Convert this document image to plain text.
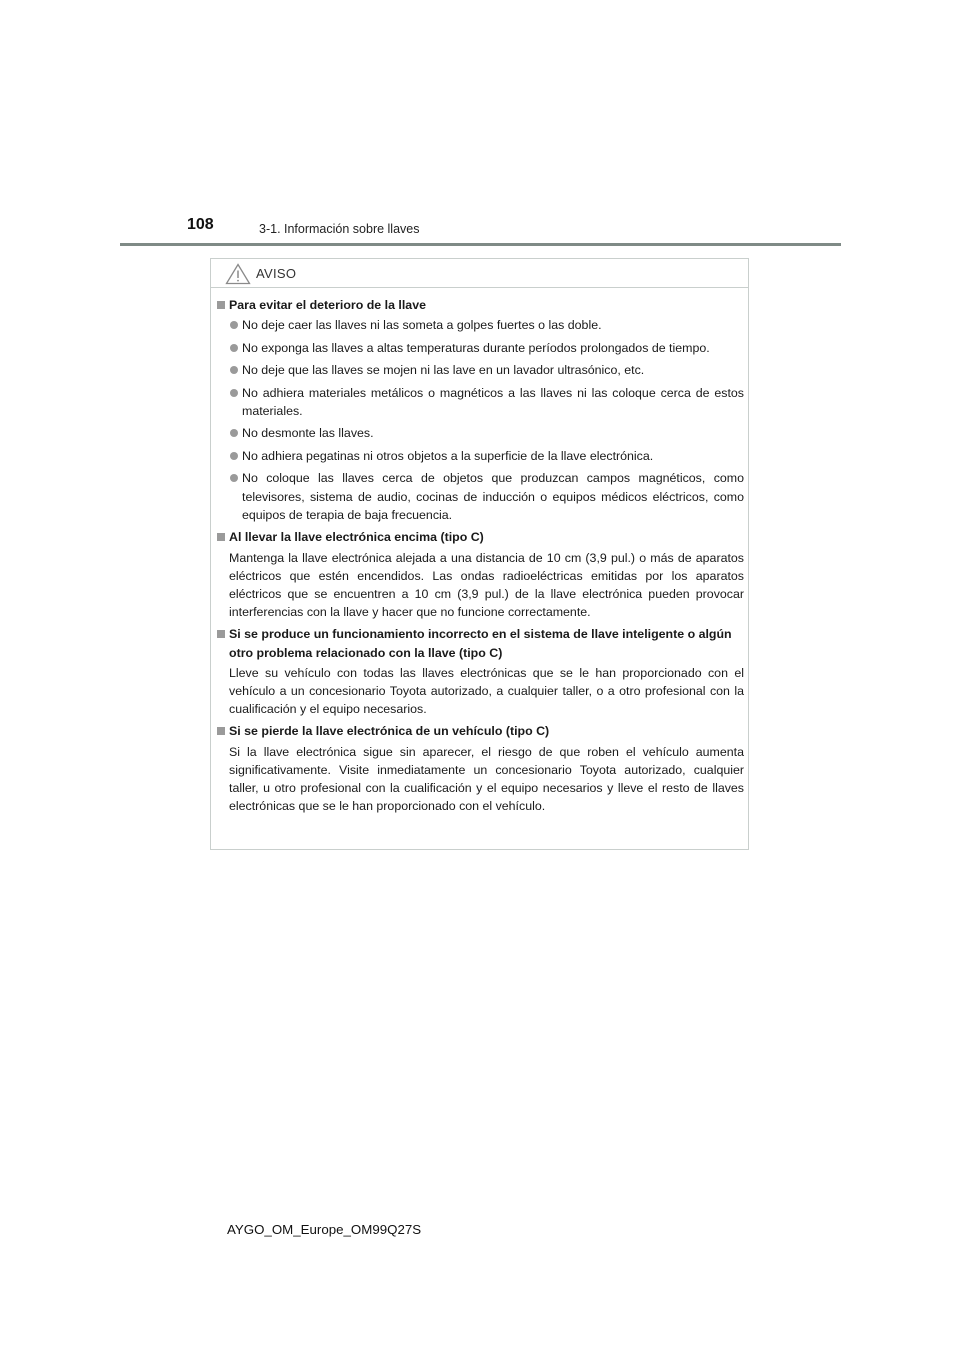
108	3-1. Información sobre llaves
AVISO
Para evitar el deterioro de la llave
No deje caer las llaves ni las someta a golpes fuertes o las doble.
No exponga las llaves a altas temperaturas durante períodos prolongados de tiempo.
No deje que las llaves se mojen ni las lave en un lavador ultrasónico, etc.
No adhiera materiales metálicos o magnéticos a las llaves ni las coloque cerca de estos materiales.
No desmonte las llaves.
No adhiera pegatinas ni otros objetos a la superficie de la llave electrónica.
No coloque las llaves cerca de objetos que produzcan campos magnéticos, como televisores, sistema de audio, cocinas de inducción o equipos médicos eléctricos, como equipos de terapia de baja frecuencia.
Al llevar la llave electrónica encima (tipo C)
Mantenga la llave electrónica alejada a una distancia de 10 cm (3,9 pul.) o más de aparatos eléctricos que estén encendidos. Las ondas radioeléctricas emitidas por los aparatos eléctricos que se encuentren a 10 cm (3,9 pul.) de la llave electrónica pueden provocar interferencias con la llave y hacer que no funcione correctamente.
Si se produce un funcionamiento incorrecto en el sistema de llave inteligente o algún otro problema relacionado con la llave (tipo C)
Lleve su vehículo con todas las llaves electrónicas que se le han proporcionado con el vehículo a un concesionario Toyota autorizado, a cualquier taller, o a otro profesional con la cualificación y el equipo necesarios.
Si se pierde la llave electrónica de un vehículo (tipo C)
Si la llave electrónica sigue sin aparecer, el riesgo de que roben el vehículo aumenta significativamente. Visite inmediatamente un concesionario Toyota autorizado, cualquier taller, u otro profesional con la cualificación y el equipo necesarios y lleve el resto de llaves electrónicas que se le han proporcionado con el vehículo.
AYGO_OM_Europe_OM99Q27S
